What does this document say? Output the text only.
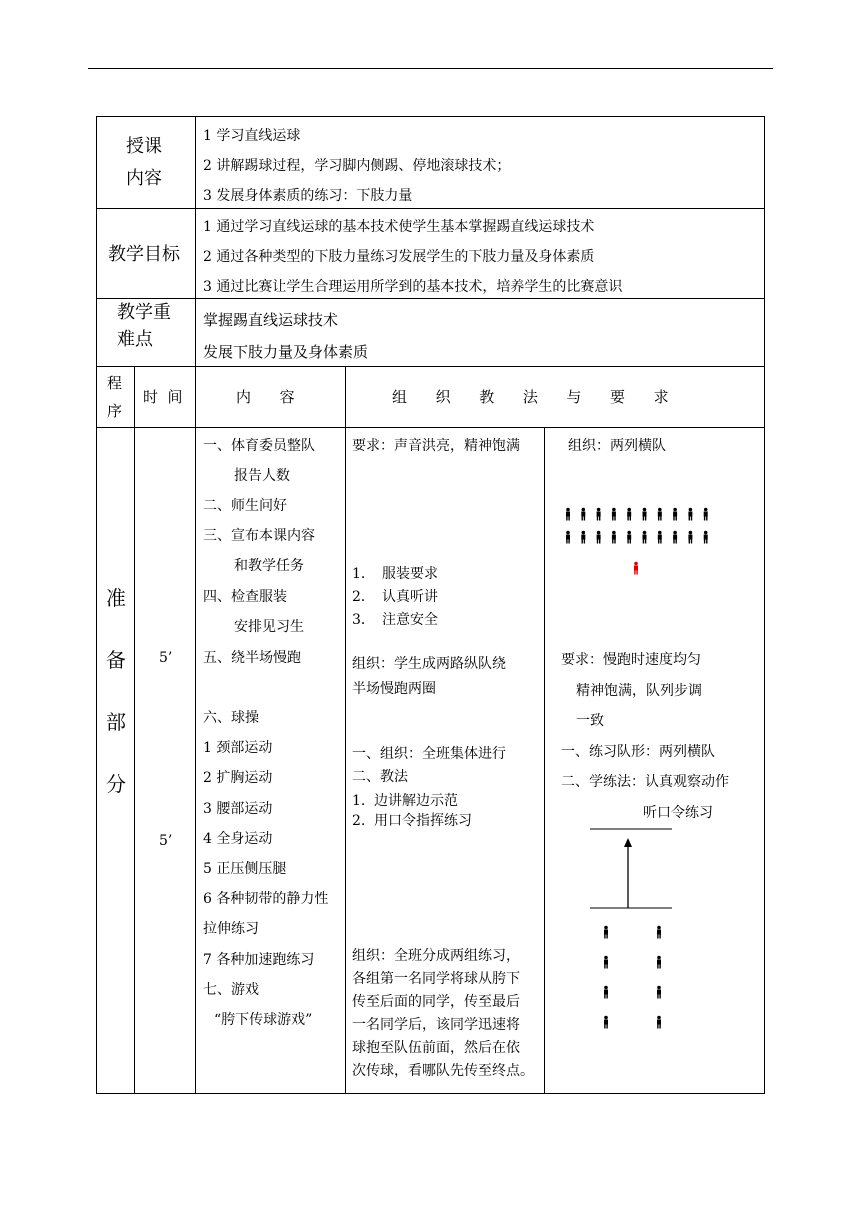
授课
内容
1 学习直线运球
2 讲解踢球过程，学习脚内侧踢、停地滚球技术；
3 发展身体素质的练习：下肢力量
教学目标
1 通过学习直线运球的基本技术使学生基本掌握踢直线运球技术
2 通过各种类型的下肢力量练习发展学生的下肢力量及身体素质
3 通过比赛让学生合理运用所学到的基本技术，培养学生的比赛意识
教学重
难点
掌握踢直线运球技术
发展下肢力量及身体素质
程
序
时  间	内      容	组      织      教      法      与      要      求
准
备
部
分
5’
5’
一、体育委员整队
报告人数
二、师生问好
三、宣布本课内容
和教学任务
四、检查服装
安排见习生
五、绕半场慢跑
六、球操
1 颈部运动
2 扩胸运动
3 腰部运动
4 全身运动
5 正压侧压腿
6 各种韧带的静力性
拉伸练习
7 各种加速跑练习
七、游戏
“胯下传球游戏”
要求：声音洪亮，精神饱满
1． 服装要求
2． 认真听讲
3． 注意安全
组织：学生成两路纵队绕
半场慢跑两圈
一、组织：全班集体进行
二、教法
1. 边讲解边示范
2. 用口令指挥练习
组织：全班分成两组练习，
各组第一名同学将球从胯下
传至后面的同学，传至最后
一名同学后，该同学迅速将
球抱至队伍前面，然后在依
次传球，看哪队先传至终点。
组织：两列横队
要求：慢跑时速度均匀
精神饱满，队列步调
一致
一、练习队形：两列横队
二、学练法：认真观察动作
听口令练习
